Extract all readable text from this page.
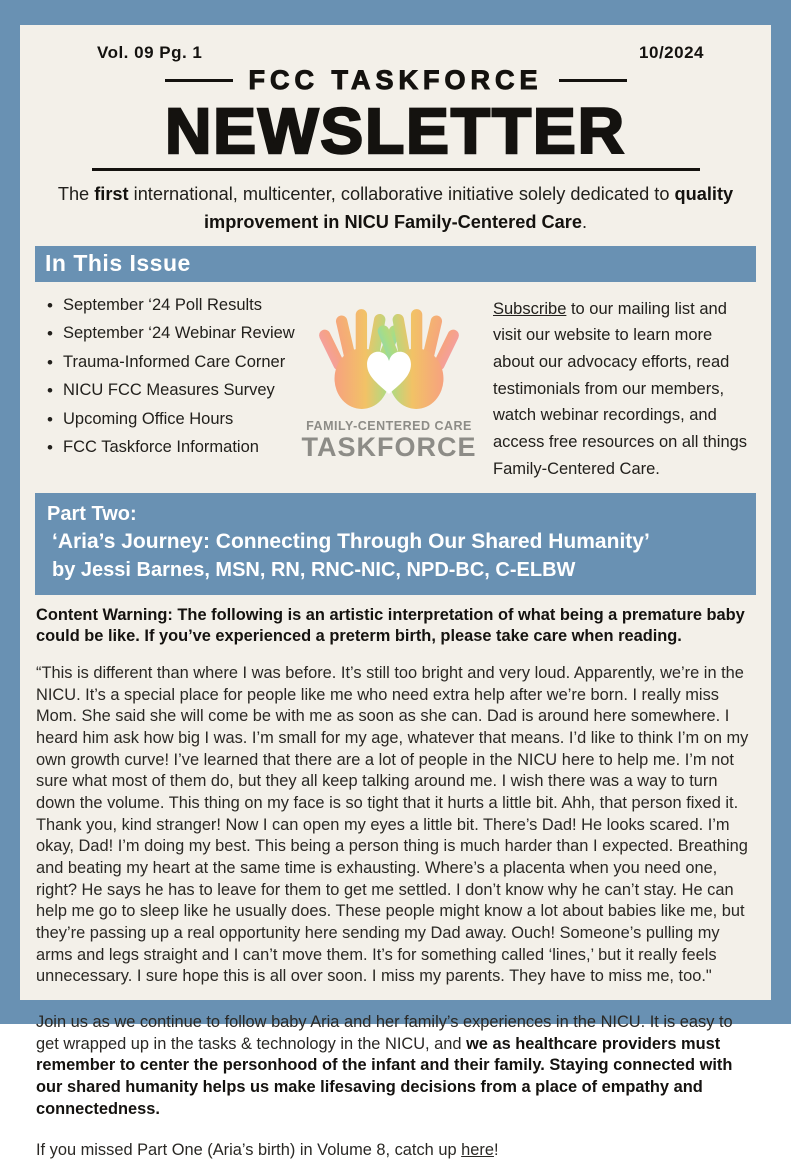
Vol. 09 Pg. 1	10/2024
FCC TASKFORCE
NEWSLETTER

The first international, multicenter, collaborative initiative solely dedicated to quality improvement in NICU Family-Centered Care.

In This Issue
• September ‘24 Poll Results
• September ‘24 Webinar Review
• Trauma-Informed Care Corner
• NICU FCC Measures Survey
• Upcoming Office Hours
• FCC Taskforce Information
FAMILY-CENTERED CARE
TASKFORCE
Subscribe to our mailing list and visit our website to learn more about our advocacy efforts, read testimonials from our members, watch webinar recordings, and access free resources on all things Family-Centered Care.
Part Two:
‘Aria’s Journey: Connecting Through Our Shared Humanity’
by Jessi Barnes, MSN, RN, RNC-NIC, NPD-BC, C-ELBW

Content Warning: The following is an artistic interpretation of what being a premature baby could be like. If you’ve experienced a preterm birth, please take care when reading.

“This is different than where I was before. It’s still too bright and very loud. Apparently, we’re in the NICU. It’s a special place for people like me who need extra help after we’re born. I really miss Mom. She said she will come be with me as soon as she can. Dad is around here somewhere. I heard him ask how big I was. I’m small for my age, whatever that means. I’d like to think I’m on my own growth curve! I’ve learned that there are a lot of people in the NICU here to help me. I’m not sure what most of them do, but they all keep talking around me. I wish there was a way to turn down the volume. This thing on my face is so tight that it hurts a little bit. Ahh, that person fixed it. Thank you, kind stranger! Now I can open my eyes a little bit. There’s Dad! He looks scared. I’m okay, Dad! I’m doing my best. This being a person thing is much harder than I expected. Breathing and beating my heart at the same time is exhausting. Where’s a placenta when you need one, right? He says he has to leave for them to get me settled. I don’t know why he can’t stay. He can help me go to sleep like he usually does. These people might know a lot about babies like me, but they’re passing up a real opportunity here sending my Dad away. Ouch! Someone’s pulling my arms and legs straight and I can’t move them. It’s for something called ‘lines,’ but it really feels unnecessary. I sure hope this is all over soon. I miss my parents. They have to miss me, too."

Join us as we continue to follow baby Aria and her family’s experiences in the NICU. It is easy to get wrapped up in the tasks & technology in the NICU, and we as healthcare providers must remember to center the personhood of the infant and their family. Staying connected with our shared humanity helps us make lifesaving decisions from a place of empathy and connectedness.

If you missed Part One (Aria’s birth) in Volume 8, catch up here!
